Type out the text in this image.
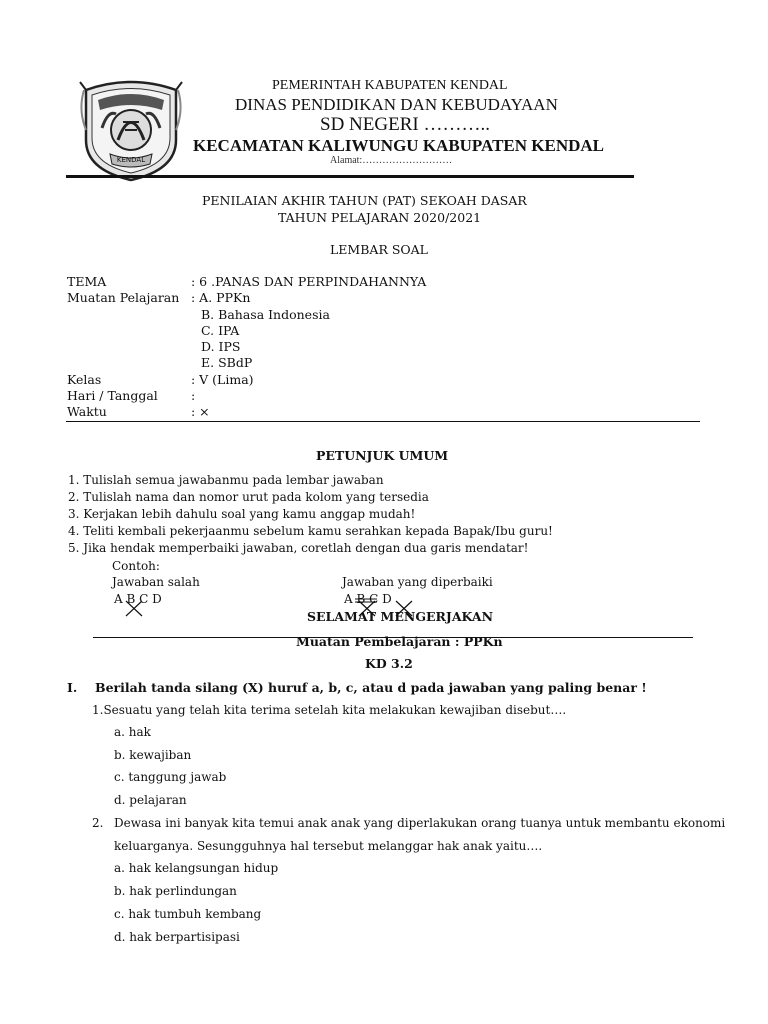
KENDAL
PEMERINTAH KABUPATEN KENDAL
DINAS PENDIDIKAN DAN KEBUDAYAAN
SD NEGERI ………..
KECAMATAN KALIWUNGU KABUPATEN KENDAL
Alamat:………………………
PENILAIAN AKHIR TAHUN (PAT) SEKOAH DASAR
TAHUN PELAJARAN 2020/2021
LEMBAR SOAL
TEMA	: 6 .PANAS DAN PERPINDAHANNYA
Muatan Pelajaran : A. PPKn
B. Bahasa Indonesia
C. IPA
D. IPS
E. SBdP
Kelas	: V (Lima)
Hari / Tanggal	:
Waktu	: ×
PETUNJUK UMUM
1. Tulislah semua jawabanmu pada lembar jawaban
2. Tulislah nama dan nomor urut pada kolom yang tersedia
3. Kerjakan lebih dahulu soal yang kamu anggap mudah!
4. Teliti kembali pekerjaanmu sebelum kamu serahkan kepada Bapak/Ibu guru!
5. Jika hendak memperbaiki jawaban, coretlah dengan dua garis mendatar!
Contoh:
Jawaban salah	Jawaban yang diperbaiki
A B C D	A B C D
SELAMAT MENGERJAKAN
Muatan Pembelajaran : PPKn
KD 3.2
I. Berilah tanda silang (X) huruf a, b, c, atau d pada jawaban yang paling benar !
1.Sesuatu yang telah kita terima setelah kita melakukan kewajiban disebut….
a. hak
b. kewajiban
c. tanggung jawab
d. pelajaran
2. Dewasa ini banyak kita temui anak anak yang diperlakukan orang tuanya untuk membantu ekonomi
keluarganya. Sesungguhnya hal tersebut melanggar hak anak yaitu….
a. hak kelangsungan hidup
b. hak perlindungan
c. hak tumbuh kembang
d. hak berpartisipasi
